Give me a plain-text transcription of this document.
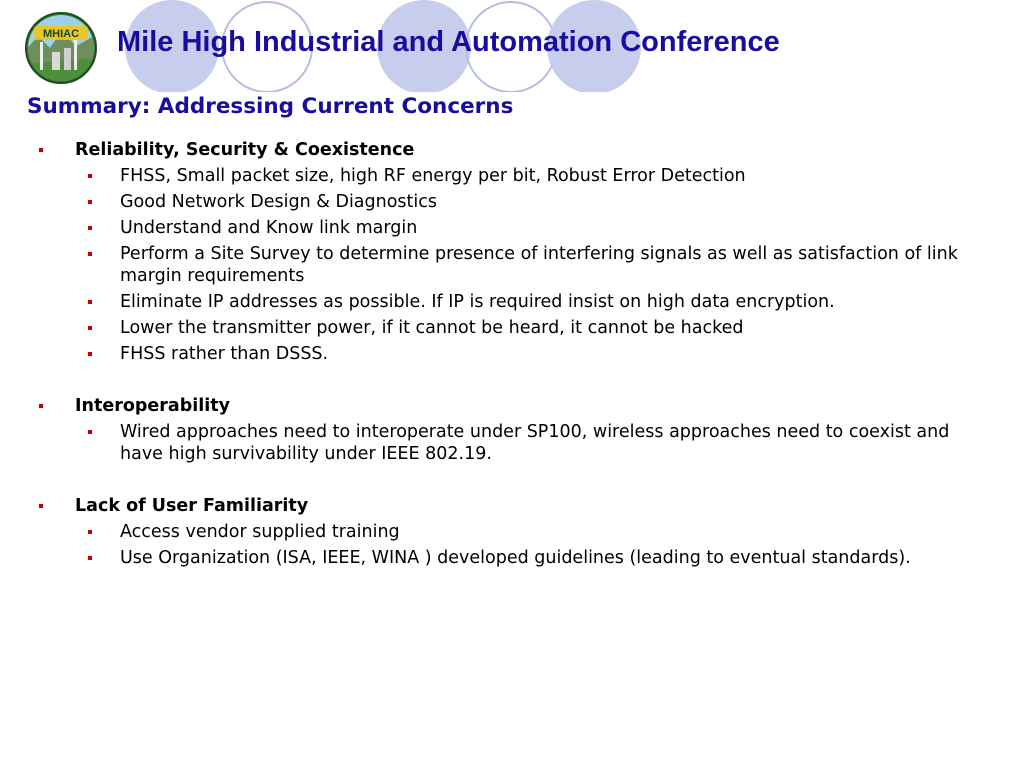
MHIAC Mile High Industrial and Automation Conference
Summary: Addressing Current Concerns
Reliability, Security & Coexistence
FHSS, Small packet size, high RF energy per bit, Robust Error Detection
Good Network Design & Diagnostics
Understand and Know link margin
Perform a Site Survey to determine presence of interfering signals as well as satisfaction of link margin requirements
Eliminate IP addresses as possible. If IP is required insist on high data encryption.
Lower the transmitter power, if it cannot be heard, it cannot be hacked
FHSS rather than DSSS.
Interoperability
Wired approaches need to interoperate under SP100, wireless approaches need to coexist and have high survivability under IEEE 802.19.
Lack of User Familiarity
Access vendor supplied training
Use Organization (ISA, IEEE, WINA ) developed guidelines (leading to eventual standards).
